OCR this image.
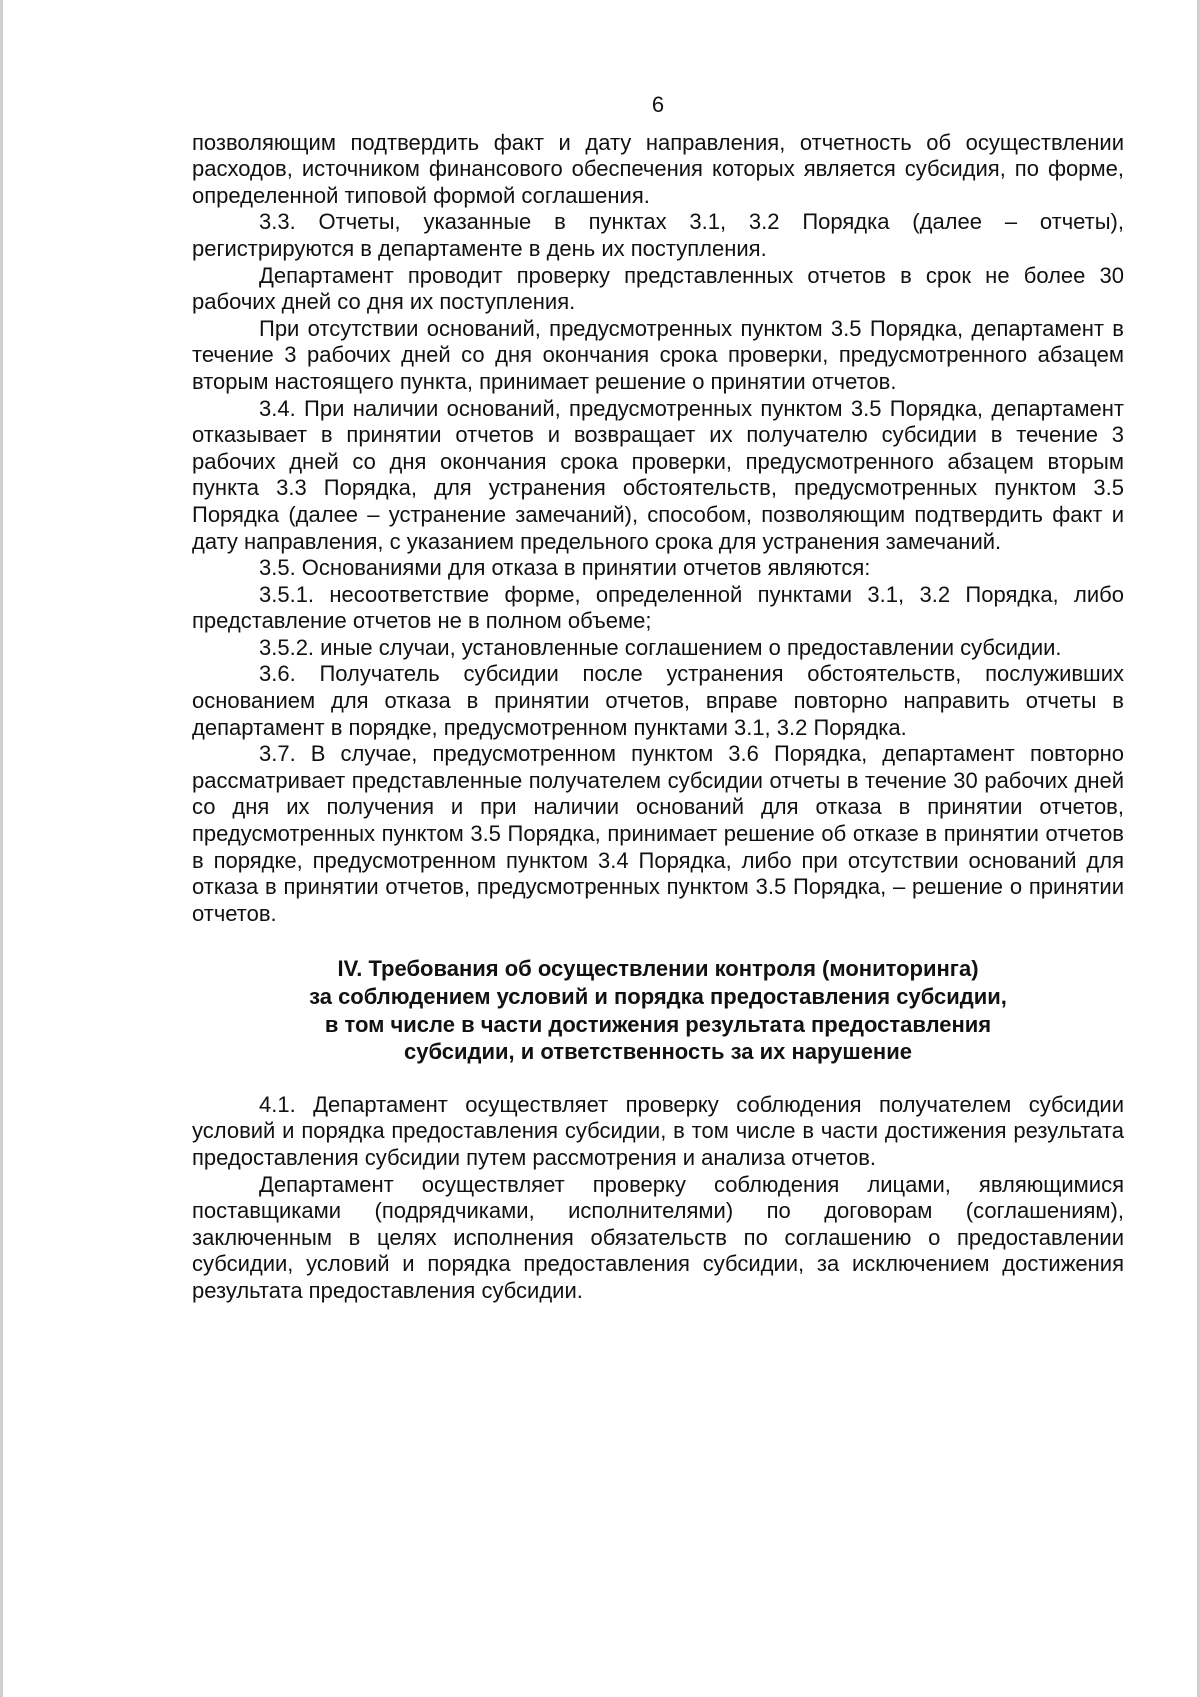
6

позволяющим подтвердить факт и дату направления, отчетность об осуществлении расходов, источником финансового обеспечения которых является субсидия, по форме, определенной типовой формой соглашения.

3.3. Отчеты, указанные в пунктах 3.1, 3.2 Порядка (далее – отчеты), регистрируются в департаменте в день их поступления.

Департамент проводит проверку представленных отчетов в срок не более 30 рабочих дней со дня их поступления.

При отсутствии оснований, предусмотренных пунктом 3.5 Порядка, департамент в течение 3 рабочих дней со дня окончания срока проверки, предусмотренного абзацем вторым настоящего пункта, принимает решение о принятии отчетов.

3.4. При наличии оснований, предусмотренных пунктом 3.5 Порядка, департамент отказывает в принятии отчетов и возвращает их получателю субсидии в течение 3 рабочих дней со дня окончания срока проверки, предусмотренного абзацем вторым пункта 3.3 Порядка, для устранения обстоятельств, предусмотренных пунктом 3.5 Порядка (далее – устранение замечаний), способом, позволяющим подтвердить факт и дату направления, с указанием предельного срока для устранения замечаний.

3.5. Основаниями для отказа в принятии отчетов являются:

3.5.1. несоответствие форме, определенной пунктами 3.1, 3.2 Порядка, либо представление отчетов не в полном объеме;

3.5.2. иные случаи, установленные соглашением о предоставлении субсидии.

3.6. Получатель субсидии после устранения обстоятельств, послуживших основанием для отказа в принятии отчетов, вправе повторно направить отчеты в департамент в порядке, предусмотренном пунктами 3.1, 3.2 Порядка.

3.7. В случае, предусмотренном пунктом 3.6 Порядка, департамент повторно рассматривает представленные получателем субсидии отчеты в течение 30 рабочих дней со дня их получения и при наличии оснований для отказа в принятии отчетов, предусмотренных пунктом 3.5 Порядка, принимает решение об отказе в принятии отчетов в порядке, предусмотренном пунктом 3.4 Порядка, либо при отсутствии оснований для отказа в принятии отчетов, предусмотренных пунктом 3.5 Порядка, – решение о принятии отчетов.

IV. Требования об осуществлении контроля (мониторинга)
за соблюдением условий и порядка предоставления субсидии,
в том числе в части достижения результата предоставления
субсидии, и ответственность за их нарушение

4.1. Департамент осуществляет проверку соблюдения получателем субсидии условий и порядка предоставления субсидии, в том числе в части достижения результата предоставления субсидии путем рассмотрения и анализа отчетов.

Департамент осуществляет проверку соблюдения лицами, являющимися поставщиками (подрядчиками, исполнителями) по договорам (соглашениям), заключенным в целях исполнения обязательств по соглашению о предоставлении субсидии, условий и порядка предоставления субсидии, за исключением достижения результата предоставления субсидии.
